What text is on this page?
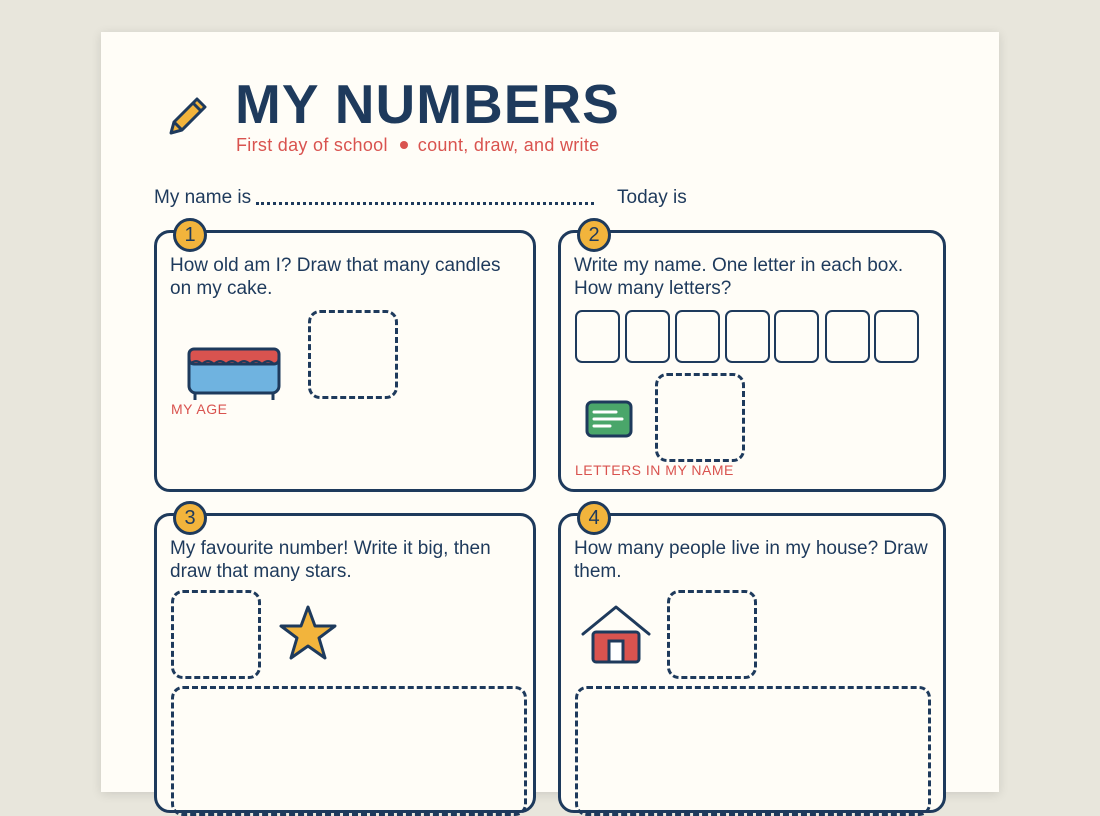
MY NUMBERS
First day of school count, draw, and write
My name is	Today is
1
How old am I? Draw that many candles on my cake.
MY AGE
2
Write my name. One letter in each box. How many letters?
LETTERS IN MY NAME
3
My favourite number! Write it big, then draw that many stars.
4
How many people live in my house? Draw them.
